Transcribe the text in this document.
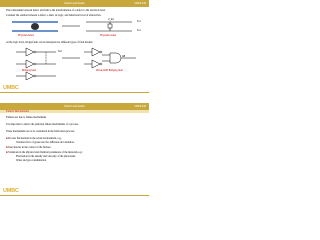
Defect and Faults	CMPE 418
The relationship between defect and fault is the transformation of a defect to the electrical level.
Consider the relation between a defect, a fault, its logic, and behavioral level of abstraction.
Physical defect	Physical model
S-1
S-1
V_dd
At the logic level, bridge faults can be interpreted as different types of fault models:
S-0
AB
Bridging fault	Wired-AND Bridging fault
UMBC
Defect and Faults	CMPE 418
Failure Mechanisms
Failures are due to failure mechanisms.
It is important to derive the principal failure mechanisms of a process.
These mechanisms are to be considered in the fabrication process:
■ Process fluctuations in the actual environment, e.g.,
Variation flow of gases used for diffusion and oxidation.
■ Inaccuracies in the control of the furnace.
■ Variations in the physical and chemical parameters of the materials e.g.:
Fluctuation in the density and viscosity of the photoresist
Water and gas contamination
UMBC
